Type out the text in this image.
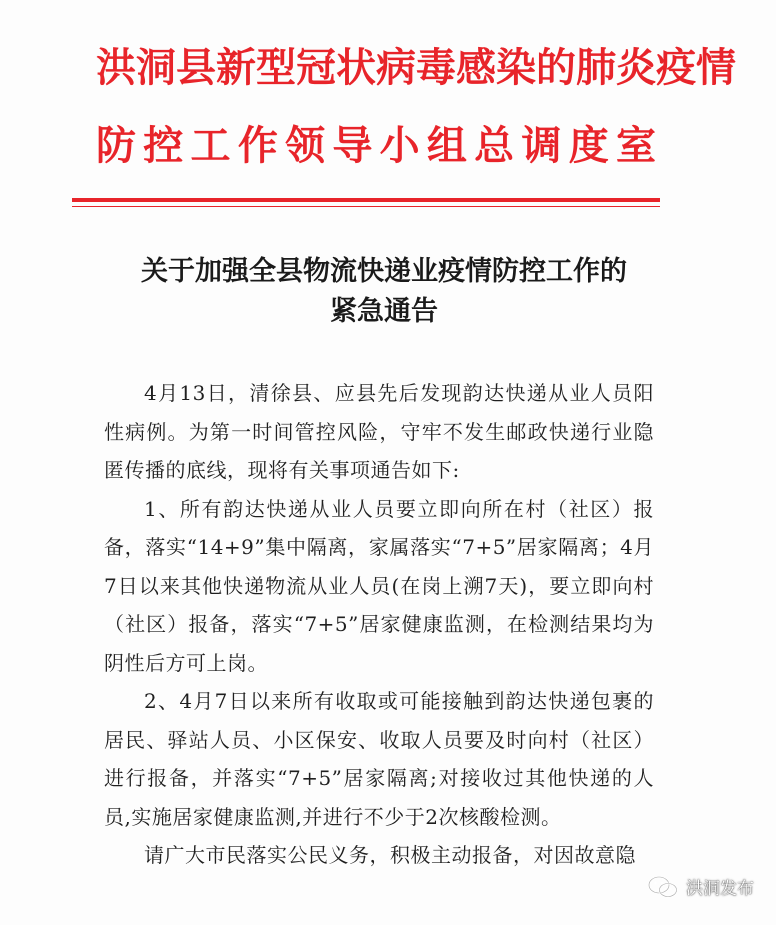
洪洞县新型冠状病毒感染的肺炎疫情
防控工作领导小组总调度室
关于加强全县物流快递业疫情防控工作的
紧急通告

4月13日，清徐县、应县先后发现韵达快递从业人员阳性病例。为第一时间管控风险，守牢不发生邮政快递行业隐匿传播的底线，现将有关事项通告如下:

1、所有韵达快递从业人员要立即向所在村（社区）报备，落实“14+9”集中隔离，家属落实“7+5”居家隔离；4月7日以来其他快递物流从业人员(在岗上溯7天)，要立即向村（社区）报备，落实“7+5”居家健康监测，在检测结果均为阴性后方可上岗。

2、4月7日以来所有收取或可能接触到韵达快递包裹的居民、驿站人员、小区保安、收取人员要及时向村（社区）进行报备，并落实“7+5”居家隔离;对接收过其他快递的人员,实施居家健康监测,并进行不少于2次核酸检测。

请广大市民落实公民义务，积极主动报备，对因故意隐

洪洞发布
